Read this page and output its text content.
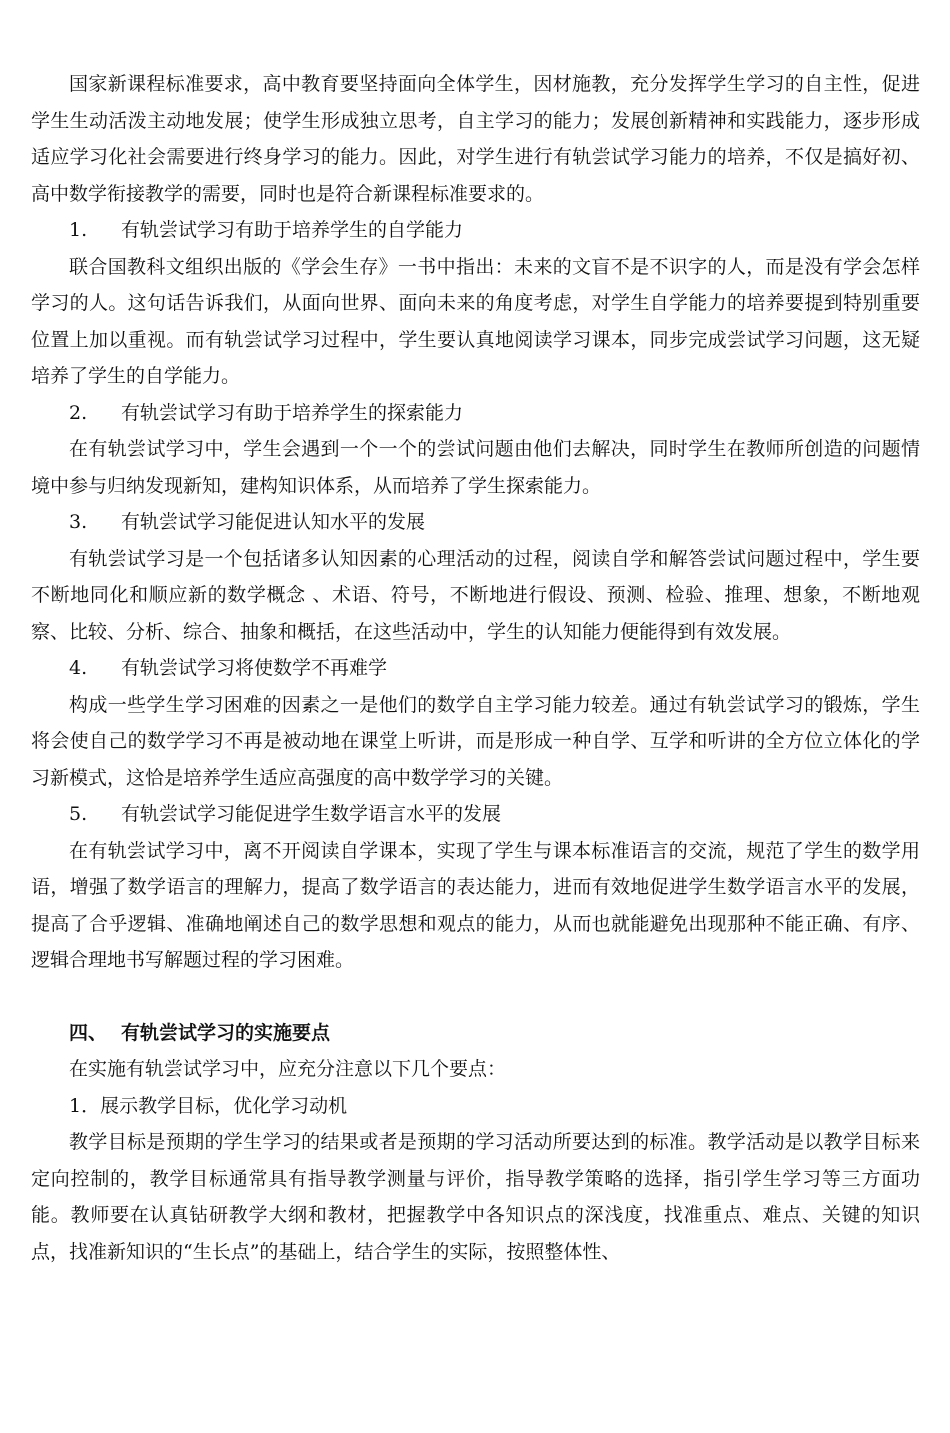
国家新课程标准要求，高中教育要坚持面向全体学生，因材施教，充分发挥学生学习的自主性，促进学生生动活泼主动地发展；使学生形成独立思考，自主学习的能力；发展创新精神和实践能力，逐步形成适应学习化社会需要进行终身学习的能力。因此，对学生进行有轨尝试学习能力的培养，不仅是搞好初、高中数学衔接教学的需要，同时也是符合新课程标准要求的。

1. 有轨尝试学习有助于培养学生的自学能力

联合国教科文组织出版的《学会生存》一书中指出：未来的文盲不是不识字的人，而是没有学会怎样学习的人。这句话告诉我们，从面向世界、面向未来的角度考虑，对学生自学能力的培养要提到特别重要位置上加以重视。而有轨尝试学习过程中，学生要认真地阅读学习课本，同步完成尝试学习问题，这无疑培养了学生的自学能力。

2. 有轨尝试学习有助于培养学生的探索能力

在有轨尝试学习中，学生会遇到一个一个的尝试问题由他们去解决，同时学生在教师所创造的问题情境中参与归纳发现新知，建构知识体系，从而培养了学生探索能力。

3. 有轨尝试学习能促进认知水平的发展

有轨尝试学习是一个包括诸多认知因素的心理活动的过程，阅读自学和解答尝试问题过程中，学生要不断地同化和顺应新的数学概念 、术语、符号，不断地进行假设、预测、检验、推理、想象，不断地观察、比较、分析、综合、抽象和概括，在这些活动中，学生的认知能力便能得到有效发展。

4. 有轨尝试学习将使数学不再难学

构成一些学生学习困难的因素之一是他们的数学自主学习能力较差。通过有轨尝试学习的锻炼，学生将会使自己的数学学习不再是被动地在课堂上听讲，而是形成一种自学、互学和听讲的全方位立体化的学习新模式，这恰是培养学生适应高强度的高中数学学习的关键。

5. 有轨尝试学习能促进学生数学语言水平的发展

在有轨尝试学习中，离不开阅读自学课本，实现了学生与课本标准语言的交流，规范了学生的数学用语，增强了数学语言的理解力，提高了数学语言的表达能力，进而有效地促进学生数学语言水平的发展，提高了合乎逻辑、准确地阐述自己的数学思想和观点的能力，从而也就能避免出现那种不能正确、有序、逻辑合理地书写解题过程的学习困难。

四、 有轨尝试学习的实施要点

在实施有轨尝试学习中，应充分注意以下几个要点：

1．展示教学目标，优化学习动机

教学目标是预期的学生学习的结果或者是预期的学习活动所要达到的标准。教学活动是以教学目标来定向控制的，教学目标通常具有指导教学测量与评价，指导教学策略的选择，指引学生学习等三方面功能。教师要在认真钻研教学大纲和教材，把握教学中各知识点的深浅度，找准重点、难点、关键的知识点，找准新知识的“生长点”的基础上，结合学生的实际，按照整体性、
